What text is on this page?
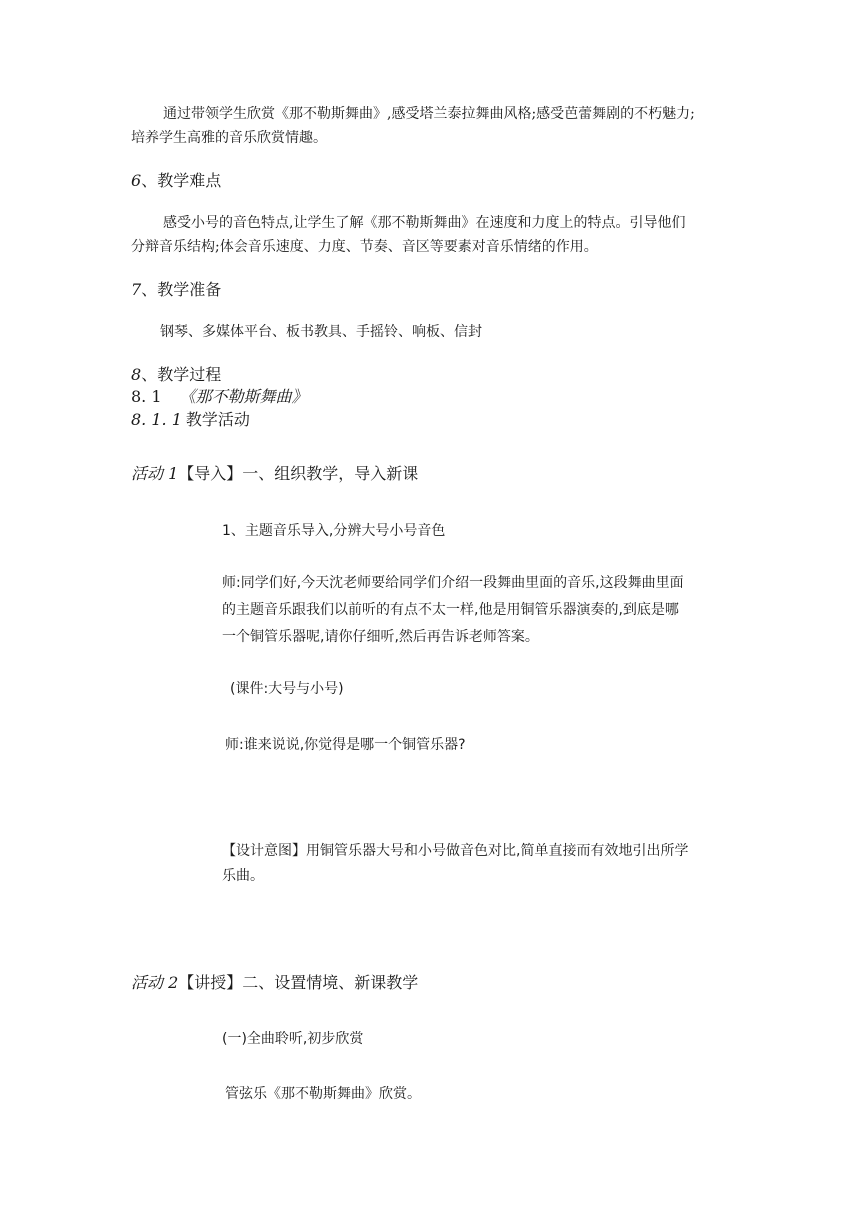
通过带领学生欣赏《那不勒斯舞曲》,感受塔兰泰拉舞曲风格;感受芭蕾舞剧的不朽魅力;
培养学生高雅的音乐欣赏情趣。
6、教学难点
感受小号的音色特点,让学生了解《那不勒斯舞曲》在速度和力度上的特点。引导他们
分辩音乐结构;体会音乐速度、力度、节奏、音区等要素对音乐情绪的作用。
7、教学准备
钢琴、多媒体平台、板书教具、手摇铃、响板、信封
8、教学过程
8. 1 《那不勒斯舞曲》
8. 1. 1 教学活动
活动 1【导入】一、组织教学，导入新课
1、主题音乐导入,分辨大号小号音色
师:同学们好,今天沈老师要给同学们介绍一段舞曲里面的音乐,这段舞曲里面
的主题音乐跟我们以前听的有点不太一样,他是用铜管乐器演奏的,到底是哪
一个铜管乐器呢,请你仔细听,然后再告诉老师答案。
(课件:大号与小号)
师:谁来说说,你觉得是哪一个铜管乐器?
【设计意图】用铜管乐器大号和小号做音色对比,简单直接而有效地引出所学
乐曲。
活动 2【讲授】二、设置情境、新课教学
(一)全曲聆听,初步欣赏
管弦乐《那不勒斯舞曲》欣赏。
